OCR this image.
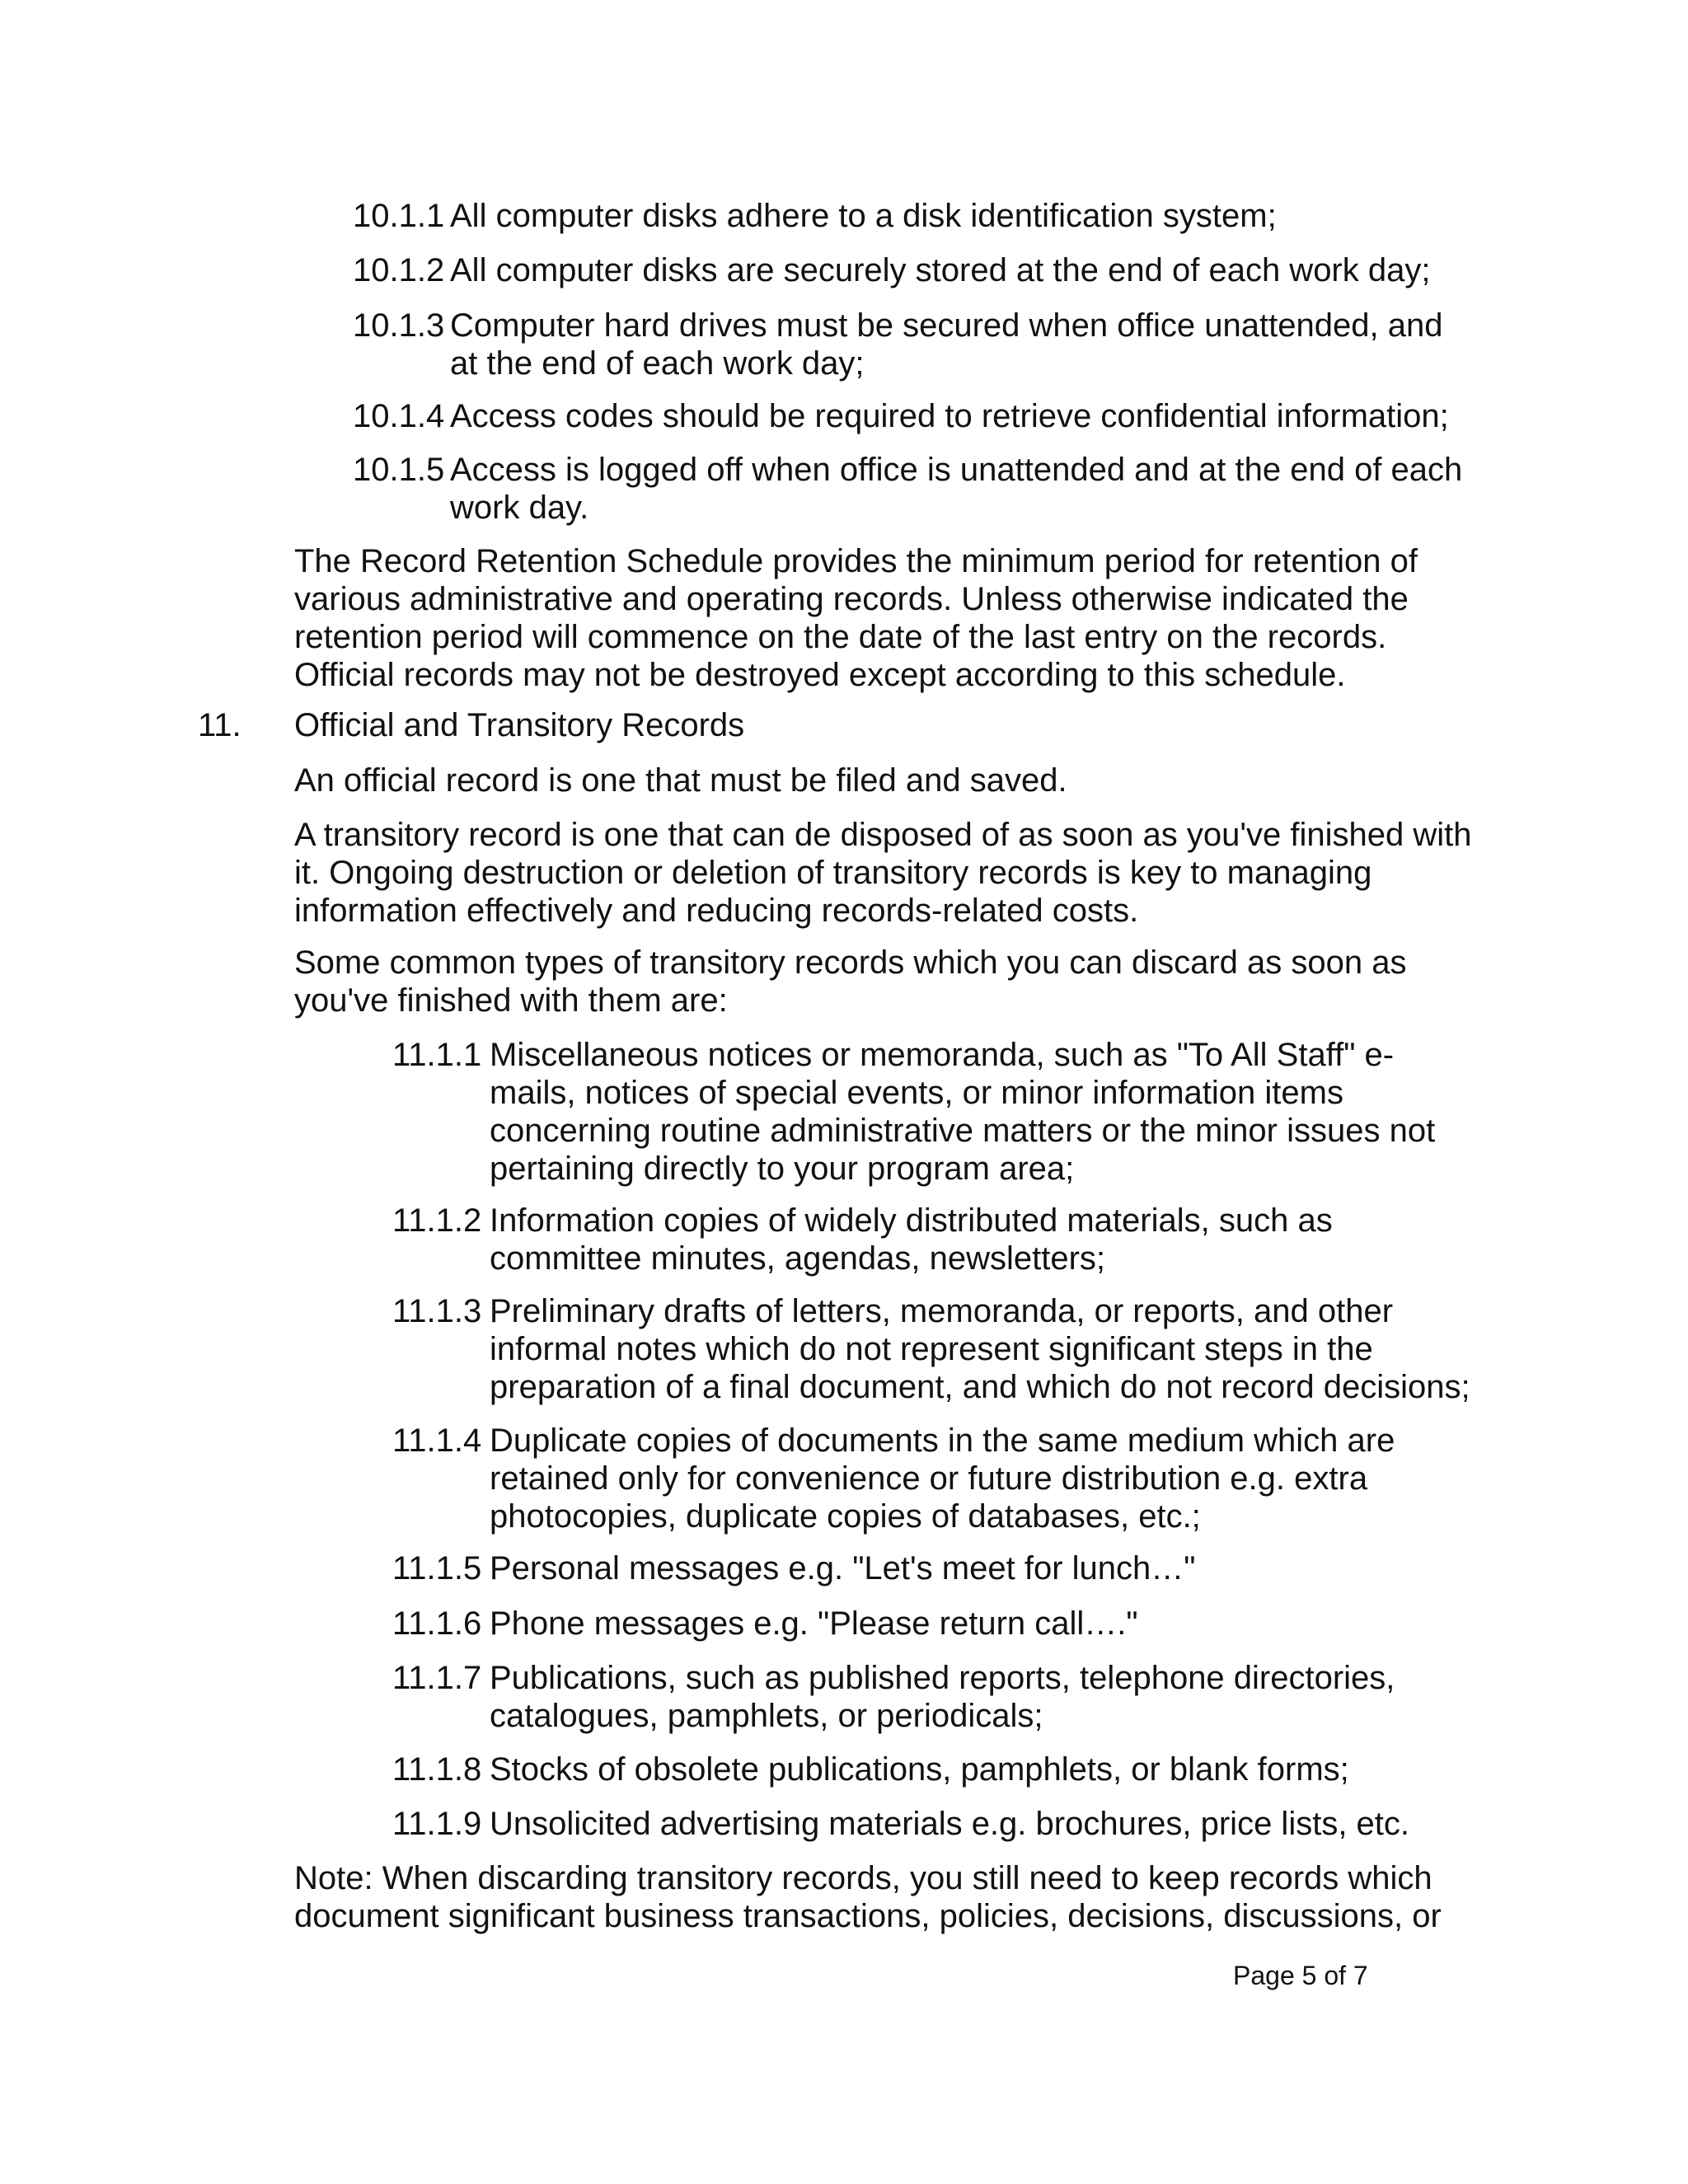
10.1.1 All computer disks adhere to a disk identification system;
10.1.2 All computer disks are securely stored at the end of each work day;
10.1.3 Computer hard drives must be secured when office unattended, and at the end of each work day;
10.1.4 Access codes should be required to retrieve confidential information;
10.1.5 Access is logged off when office is unattended and at the end of each work day.

The Record Retention Schedule provides the minimum period for retention of various administrative and operating records. Unless otherwise indicated the retention period will commence on the date of the last entry on the records. Official records may not be destroyed except according to this schedule.

11.	Official and Transitory Records

An official record is one that must be filed and saved.

A transitory record is one that can de disposed of as soon as you've finished with it. Ongoing destruction or deletion of transitory records is key to managing information effectively and reducing records-related costs.

Some common types of transitory records which you can discard as soon as you've finished with them are:

11.1.1 Miscellaneous notices or memoranda, such as "To All Staff" e-mails, notices of special events, or minor information items concerning routine administrative matters or the minor issues not pertaining directly to your program area;
11.1.2 Information copies of widely distributed materials, such as committee minutes, agendas, newsletters;
11.1.3 Preliminary drafts of letters, memoranda, or reports, and other informal notes which do not represent significant steps in the preparation of a final document, and which do not record decisions;
11.1.4 Duplicate copies of documents in the same medium which are retained only for convenience or future distribution e.g. extra photocopies, duplicate copies of databases, etc.;
11.1.5 Personal messages e.g. "Let's meet for lunch…"
11.1.6 Phone messages e.g. "Please return call…."
11.1.7 Publications, such as published reports, telephone directories, catalogues, pamphlets, or periodicals;
11.1.8 Stocks of obsolete publications, pamphlets, or blank forms;
11.1.9 Unsolicited advertising materials e.g. brochures, price lists, etc.

Note: When discarding transitory records, you still need to keep records which document significant business transactions, policies, decisions, discussions, or

Page 5 of 7
